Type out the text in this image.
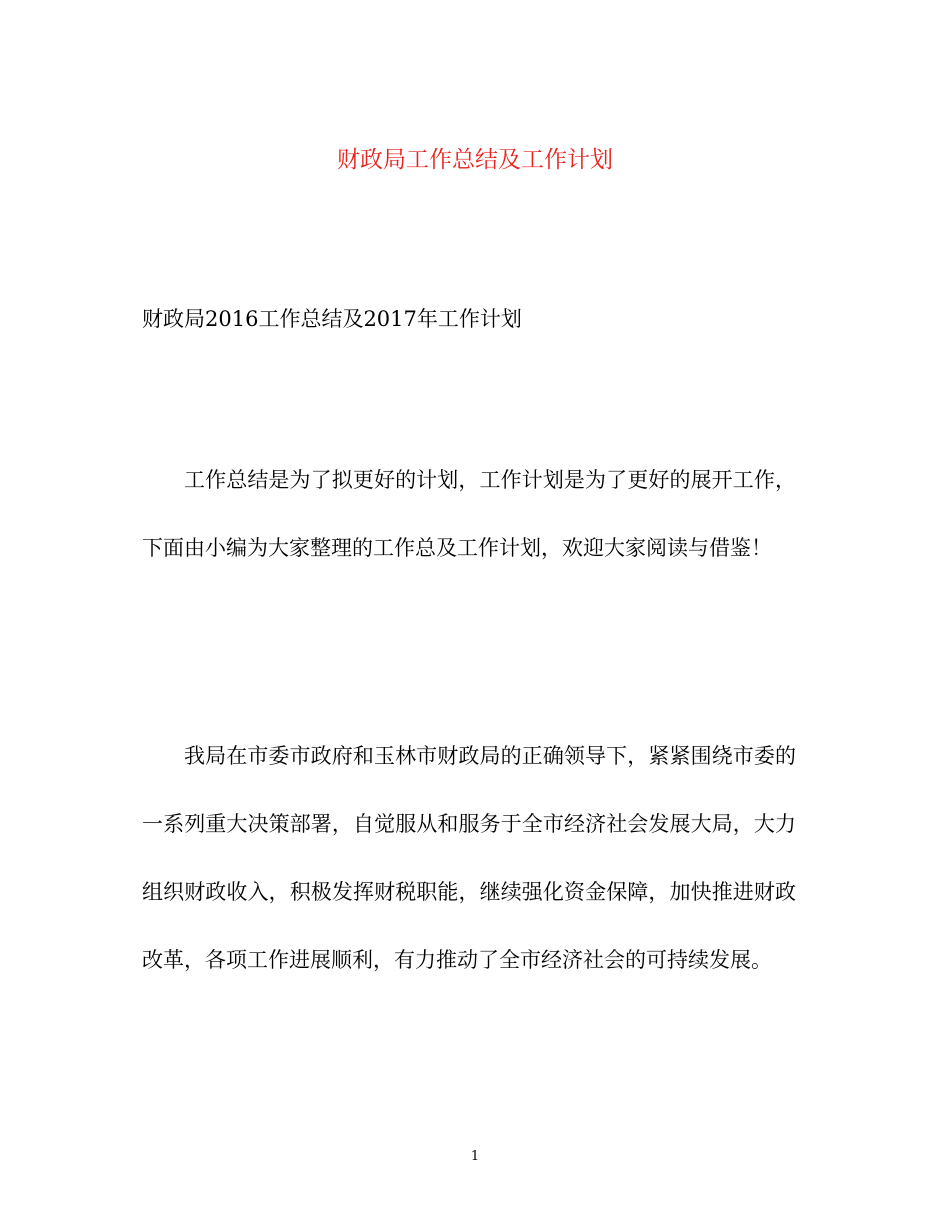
财政局工作总结及工作计划

财政局2016工作总结及2017年工作计划

工作总结是为了拟更好的计划，工作计划是为了更好的展开工作，下面由小编为大家整理的工作总及工作计划，欢迎大家阅读与借鉴！

我局在市委市政府和玉林市财政局的正确领导下，紧紧围绕市委的一系列重大决策部署，自觉服从和服务于全市经济社会发展大局，大力组织财政收入，积极发挥财税职能，继续强化资金保障，加快推进财政改革，各项工作进展顺利，有力推动了全市经济社会的可持续发展。

1
